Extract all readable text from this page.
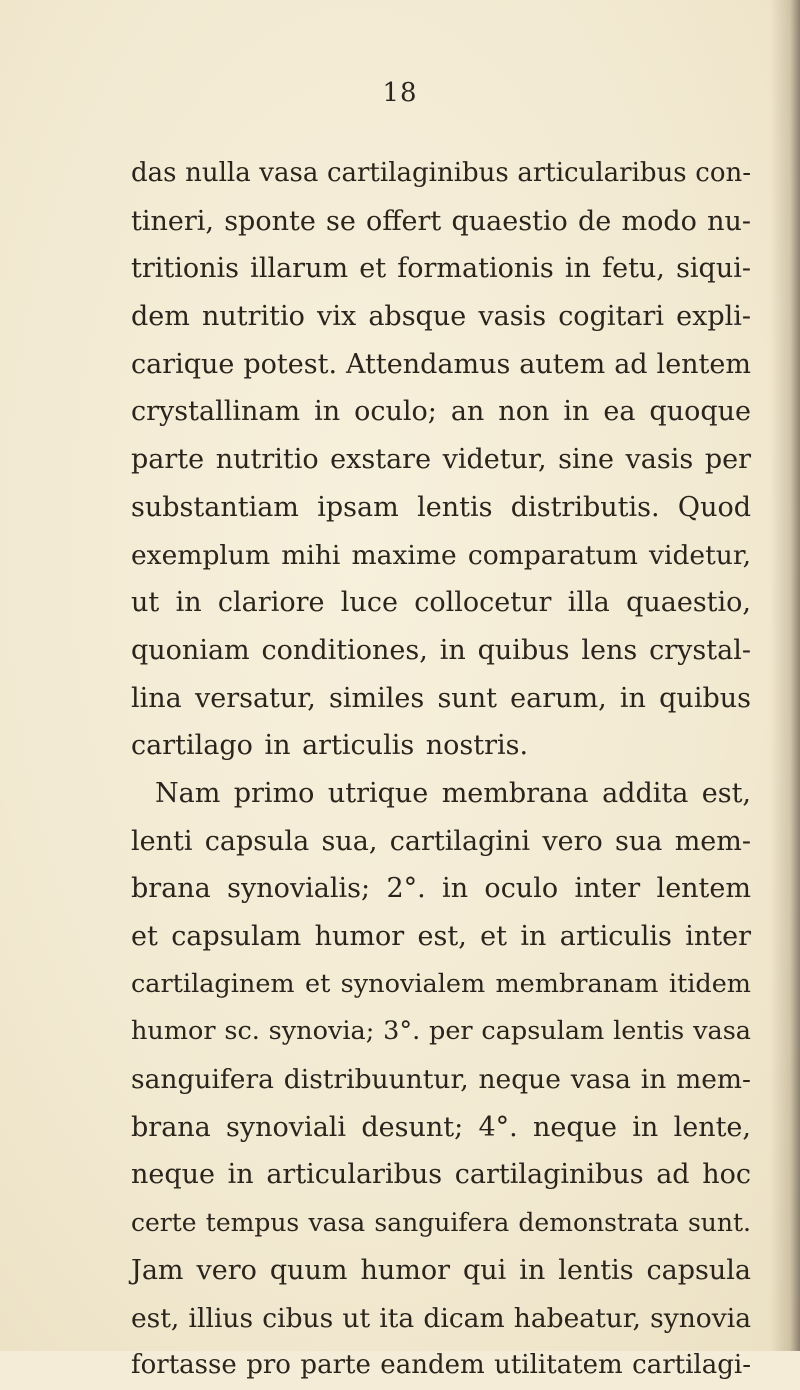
18
das nulla vasa cartilaginibus articularibus con-
tineri, sponte se offert quaestio de modo nu-
tritionis illarum et formationis in fetu, siqui-
dem nutritio vix absque vasis cogitari expli-
carique potest. Attendamus autem ad lentem
crystallinam in oculo; an non in ea quoque
parte nutritio exstare videtur, sine vasis per
substantiam ipsam lentis distributis. Quod
exemplum mihi maxime comparatum videtur,
ut in clariore luce collocetur illa quaestio,
quoniam conditiones, in quibus lens crystal-
lina versatur, similes sunt earum, in quibus
cartilago in articulis nostris.
Nam primo utrique membrana addita est,
lenti capsula sua, cartilagini vero sua mem-
brana synovialis; 2°. in oculo inter lentem
et capsulam humor est, et in articulis inter
cartilaginem et synovialem membranam itidem
humor sc. synovia; 3°. per capsulam lentis vasa
sanguifera distribuuntur, neque vasa in mem-
brana synoviali desunt; 4°. neque in lente,
neque in articularibus cartilaginibus ad hoc
certe tempus vasa sanguifera demonstrata sunt.
Jam vero quum humor qui in lentis capsula
est, illius cibus ut ita dicam habeatur, synovia
fortasse pro parte eandem utilitatem cartilagi-
